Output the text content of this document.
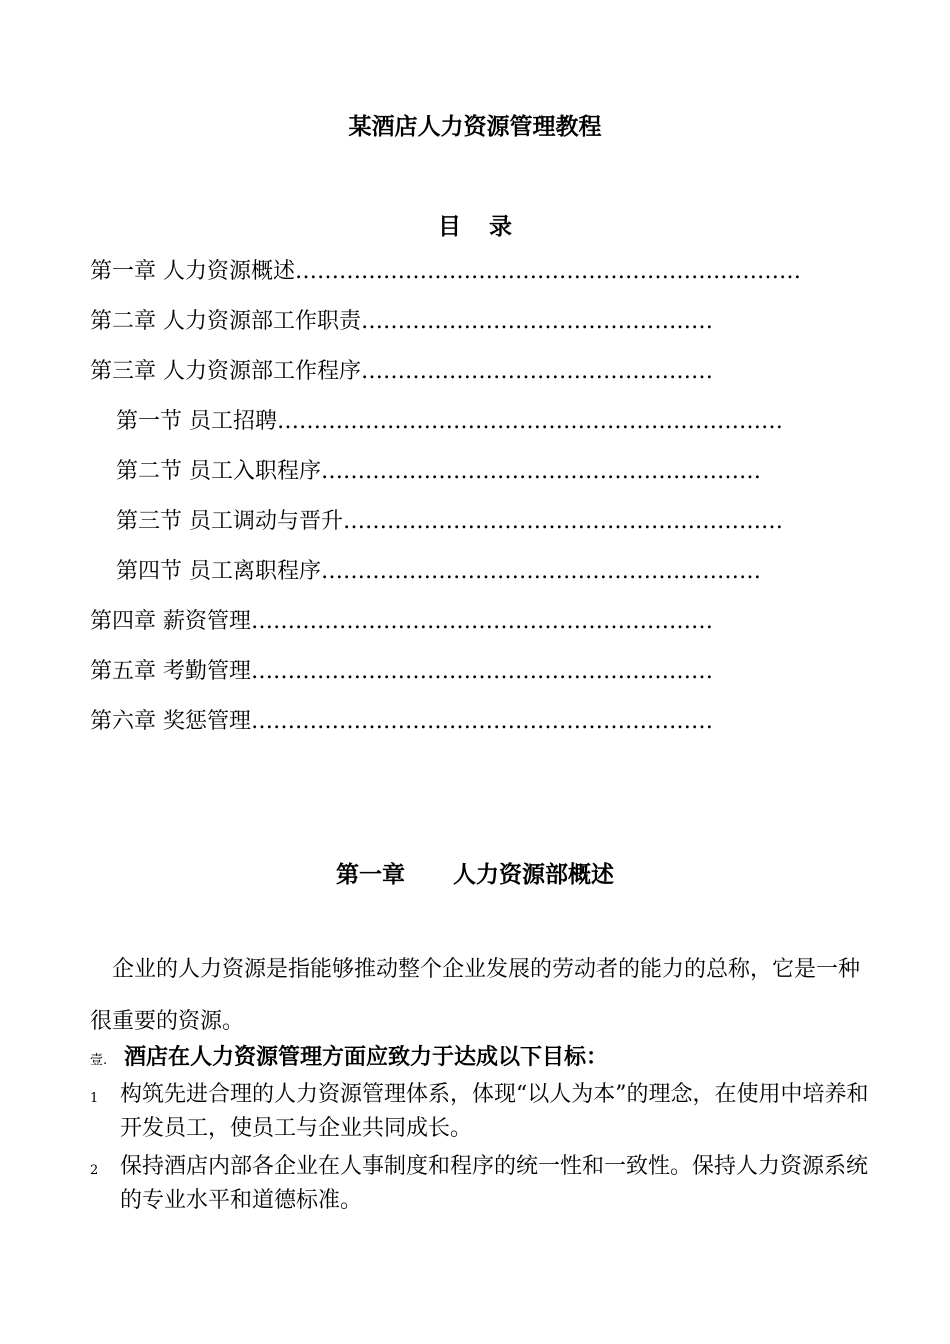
某酒店人力资源管理教程
目录
第一章 人力资源概述……………………………………………………………
第二章 人力资源部工作职责…………………………………………
第三章 人力资源部工作程序…………………………………………
第一节 员工招聘……………………………………………………………
第二节 员工入职程序……………………………………………………
第三节 员工调动与晋升……………………………………………………
第四节 员工离职程序……………………………………………………
第四章 薪资管理………………………………………………………
第五章 考勤管理………………………………………………………
第六章 奖惩管理………………………………………………………
第一章      人力资源部概述
企业的人力资源是指能够推动整个企业发展的劳动者的能力的总称，它是一种很重要的资源。
壹. 酒店在人力资源管理方面应致力于达成以下目标：
1 构筑先进合理的人力资源管理体系，体现“以人为本”的理念，在使用中培养和开发员工，使员工与企业共同成长。
2 保持酒店内部各企业在人事制度和程序的统一性和一致性。保持人力资源系统的专业水平和道德标准。
